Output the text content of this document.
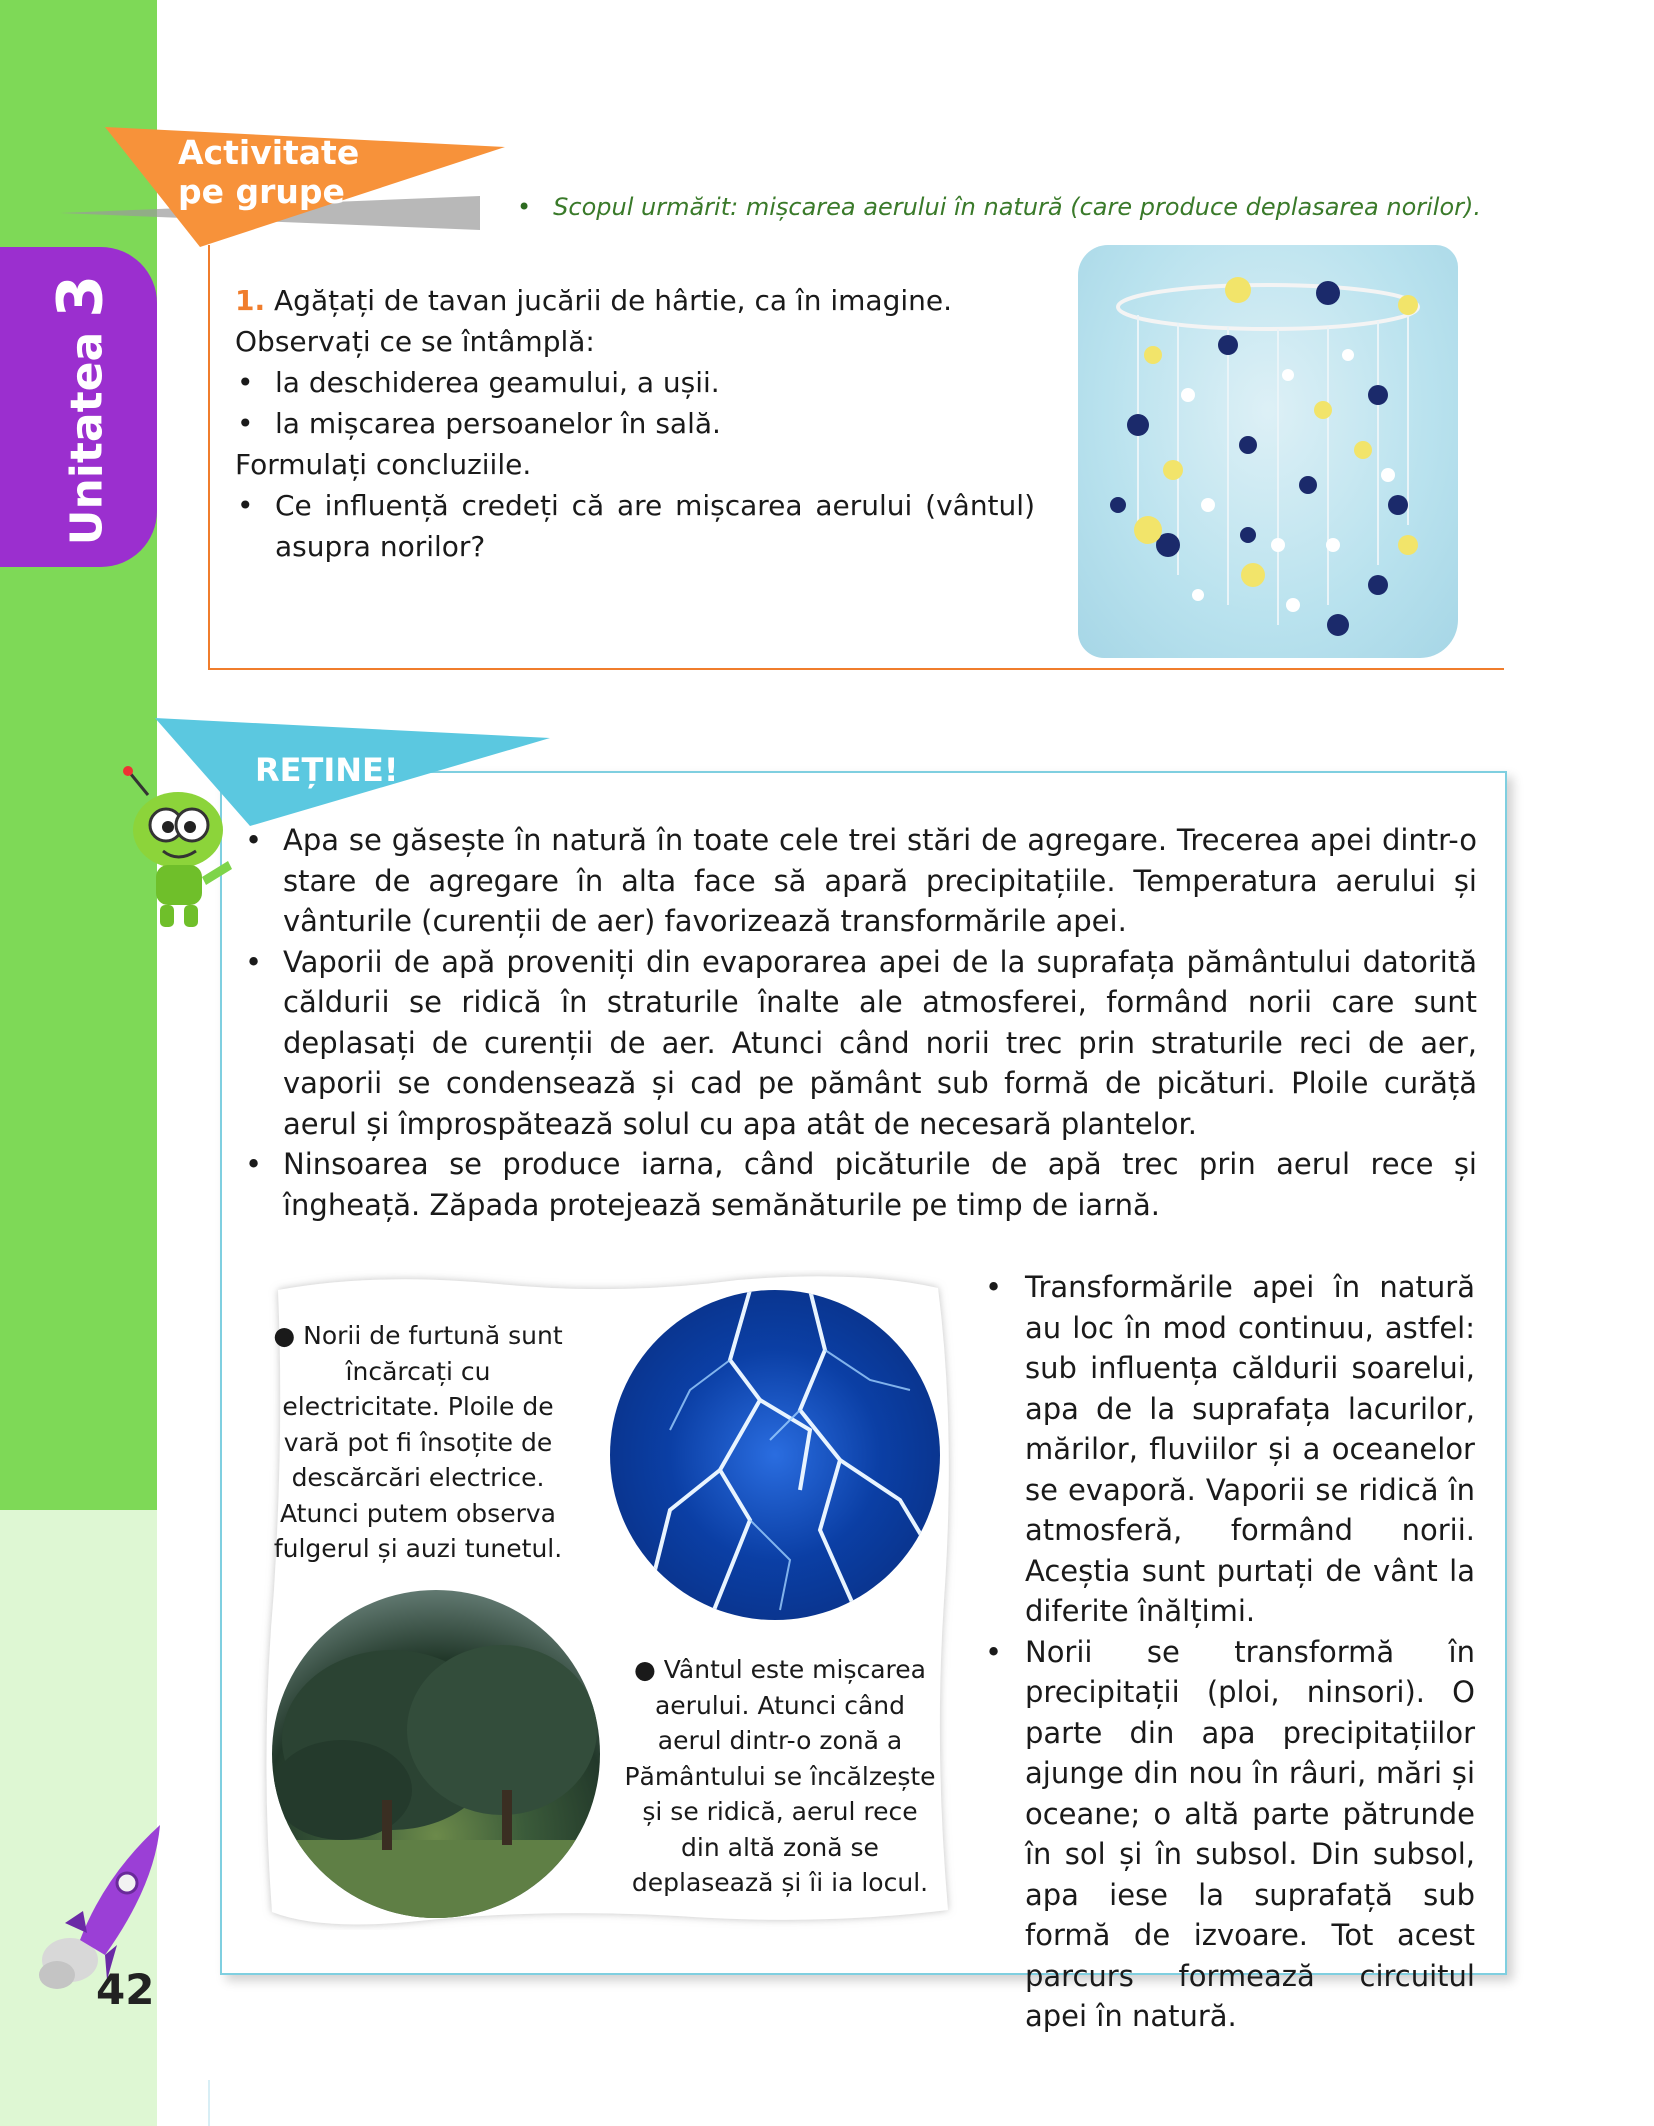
Unitatea3
Activitate
pe grupe	• Scopul urmărit: mișcarea aerului în natură (care produce deplasarea norilor).
1. Agățați de tavan jucării de hârtie, ca în imagine.
Observați ce se întâmplă:
• la deschiderea geamului, a ușii.
• la mișcarea persoanelor în sală.
Formulați concluziile.
• Ce influență credeți că are mișcarea aerului (vântul) asupra norilor?
REȚINE!
• Apa se găsește în natură în toate cele trei stări de agregare. Trecerea apei dintr-o stare de agregare în alta face să apară precipitațiile. Temperatura aerului și vânturile (curenții de aer) favorizează transformările apei.
• Vaporii de apă proveniți din evaporarea apei de la suprafața pământului datorită căldurii se ridică în straturile înalte ale atmosferei, formând norii care sunt deplasați de curenții de aer. Atunci când norii trec prin straturile reci de aer, vaporii se condensează și cad pe pământ sub formă de picături. Ploile curăță aerul și împrospătează solul cu apa atât de necesară plantelor.
• Ninsoarea se produce iarna, când picăturile de apă trec prin aerul rece și îngheață. Zăpada protejează semănăturile pe timp de iarnă.
● Norii de furtună sunt încărcați cu electricitate. Ploile de vară pot fi însoțite de descărcări electrice. Atunci putem observa fulgerul și auzi tunetul.
● Vântul este mișcarea aerului. Atunci când aerul dintr-o zonă a Pământului se încălzește și se ridică, aerul rece din altă zonă se deplasează și îi ia locul.
• Transformările apei în natură au loc în mod continuu, astfel: sub influența căldurii soarelui, apa de la suprafața lacurilor, mărilor, fluviilor și a oceanelor se evaporă. Vaporii se ridică în atmosferă, formând norii. Aceștia sunt purtați de vânt la diferite înălțimi.
• Norii se transformă în precipitații (ploi, ninsori). O parte din apa precipitațiilor ajunge din nou în râuri, mări și oceane; o altă parte pătrunde în sol și în subsol. Din subsol, apa iese la suprafață sub formă de izvoare. Tot acest parcurs formează circuitul apei în natură.
42
